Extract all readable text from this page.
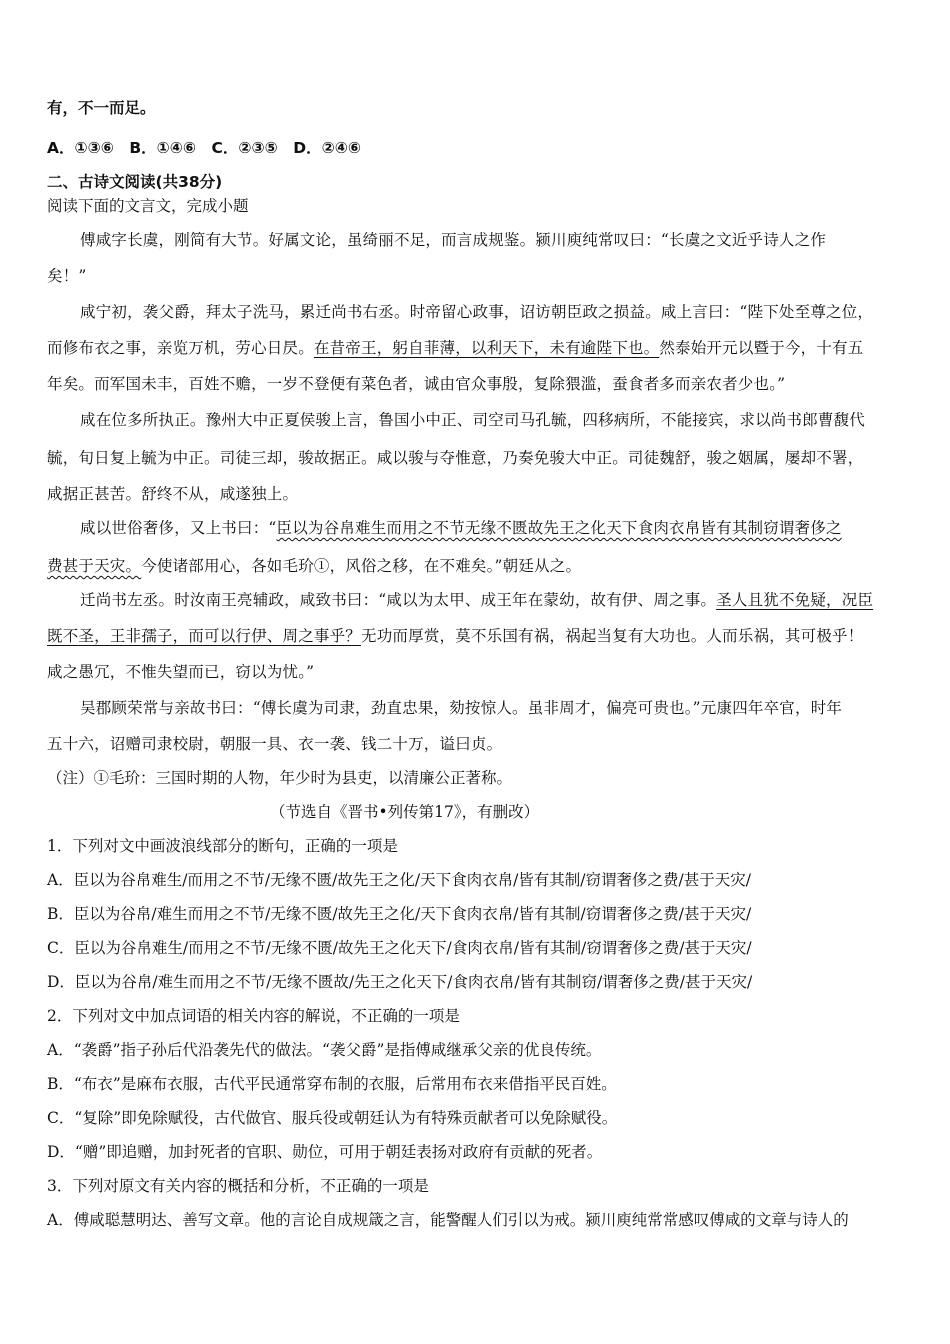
有，不一而足。
A．①③⑥　B．①④⑥　C．②③⑤　D．②④⑥
二、古诗文阅读(共38分)
阅读下面的文言文，完成小题
傅咸字长虞，刚简有大节。好属文论，虽绮丽不足，而言成规鉴。颍川庾纯常叹曰：“长虞之文近乎诗人之作
矣！”
咸宁初，袭父爵，拜太子洗马，累迁尚书右丞。时帝留心政事，诏访朝臣政之损益。咸上言曰：“陛下处至尊之位，
而修布衣之事，亲览万机，劳心日昃。在昔帝王，躬自菲薄，以利天下，未有逾陛下也。然泰始开元以暨于今，十有五
年矣。而军国未丰，百姓不赡，一岁不登便有菜色者，诚由官众事殷，复除猥滥，蚕食者多而亲农者少也。”
咸在位多所执正。豫州大中正夏侯骏上言，鲁国小中正、司空司马孔毓，四移病所，不能接宾，求以尚书郎曹馥代
毓，旬日复上毓为中正。司徒三却，骏故据正。咸以骏与夺惟意，乃奏免骏大中正。司徒魏舒，骏之姻属，屡却不署，
咸据正甚苦。舒终不从，咸遂独上。
咸以世俗奢侈，又上书曰：“臣以为谷帛难生而用之不节无缘不匮故先王之化天下食肉衣帛皆有其制窃谓奢侈之
费甚于天灾。今使诸部用心，各如毛玠①，风俗之移，在不难矣。”朝廷从之。
迁尚书左丞。时汝南王亮辅政，咸致书曰：“咸以为太甲、成王年在蒙幼，故有伊、周之事。圣人且犹不免疑，况臣
既不圣，王非孺子，而可以行伊、周之事乎？无功而厚赏，莫不乐国有祸，祸起当复有大功也。人而乐祸，其可极乎！
咸之愚冗，不惟失望而已，窃以为忧。”
吴郡顾荣常与亲故书曰：“傅长虞为司隶，劲直忠果，劾按惊人。虽非周才，偏亮可贵也。”元康四年卒官，时年
五十六，诏赠司隶校尉，朝服一具、衣一袭、钱二十万，谥曰贞。
（注）①毛玠：三国时期的人物，年少时为县吏，以清廉公正著称。
（节选自《晋书•列传第17》，有删改）
1．下列对文中画波浪线部分的断句，正确的一项是
A．臣以为谷帛难生/而用之不节/无缘不匮/故先王之化/天下食肉衣帛/皆有其制/窃谓奢侈之费/甚于天灾/
B．臣以为谷帛/难生而用之不节/无缘不匮/故先王之化/天下食肉衣帛/皆有其制/窃谓奢侈之费/甚于天灾/
C．臣以为谷帛难生/而用之不节/无缘不匮/故先王之化天下/食肉衣帛/皆有其制/窃谓奢侈之费/甚于天灾/
D．臣以为谷帛/难生而用之不节/无缘不匮故/先王之化天下/食肉衣帛/皆有其制窃/谓奢侈之费/甚于天灾/
2．下列对文中加点词语的相关内容的解说，不正确的一项是
A．“袭爵”指子孙后代沿袭先代的做法。“袭父爵”是指傅咸继承父亲的优良传统。
B．“布衣”是麻布衣服，古代平民通常穿布制的衣服，后常用布衣来借指平民百姓。
C．“复除”即免除赋役，古代做官、服兵役或朝廷认为有特殊贡献者可以免除赋役。
D．“赠”即追赠，加封死者的官职、勋位，可用于朝廷表扬对政府有贡献的死者。
3．下列对原文有关内容的概括和分析，不正确的一项是
A．傅咸聪慧明达、善写文章。他的言论自成规箴之言，能警醒人们引以为戒。颍川庾纯常常感叹傅咸的文章与诗人的
